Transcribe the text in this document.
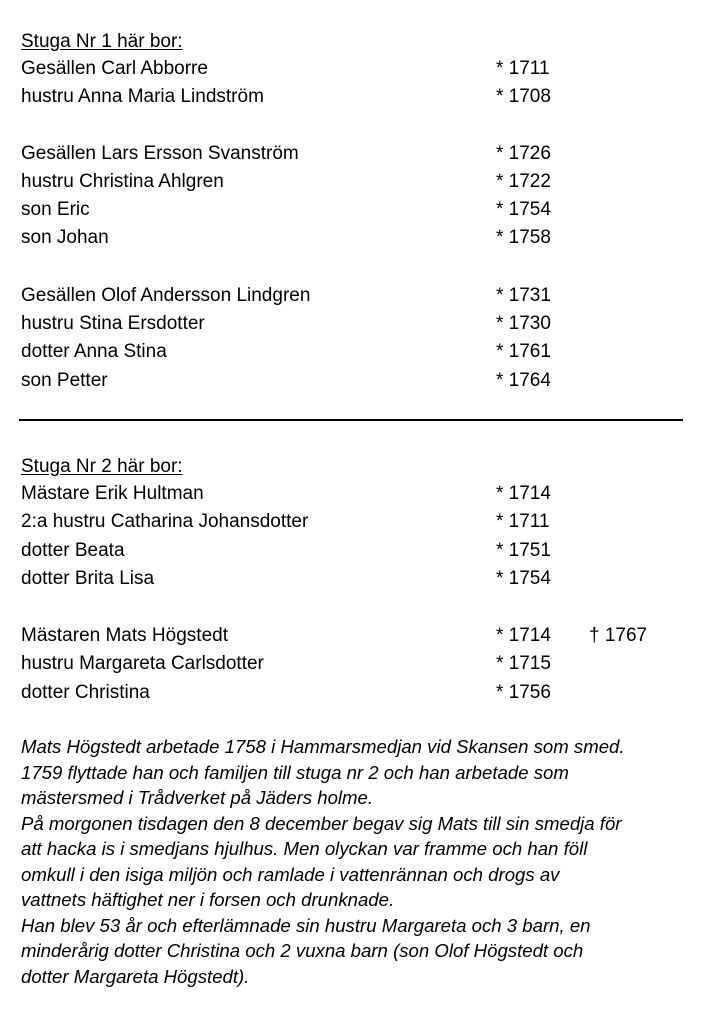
Stuga Nr 1 här bor:
Gesällen Carl Abborre	* 1711
hustru Anna Maria Lindström	* 1708
Gesällen Lars Ersson Svanström	* 1726
hustru Christina Ahlgren	* 1722
son Eric	* 1754
son Johan	* 1758
Gesällen Olof Andersson Lindgren	* 1731
hustru Stina Ersdotter	* 1730
dotter Anna Stina	* 1761
son Petter	* 1764
Stuga Nr 2 här bor:
Mästare Erik Hultman	* 1714
2:a hustru Catharina Johansdotter	* 1711
dotter Beata	* 1751
dotter Brita Lisa	* 1754
Mästaren Mats Högstedt	* 1714 † 1767
hustru Margareta Carlsdotter	* 1715
dotter Christina	* 1756

Mats Högstedt arbetade 1758 i Hammarsmedjan vid Skansen som smed.

1759 flyttade han och familjen till stuga nr 2 och han arbetade som

mästersmed i Trådverket på Jäders holme.

På morgonen tisdagen den 8 december begav sig Mats till sin smedja för

att hacka is i smedjans hjulhus. Men olyckan var framme och han föll

omkull i den isiga miljön och ramlade i vattenrännan och drogs av

vattnets häftighet ner i forsen och drunknade.

Han blev 53 år och efterlämnade sin hustru Margareta och 3 barn, en

minderårig dotter Christina och 2 vuxna barn (son Olof Högstedt och

dotter Margareta Högstedt).
